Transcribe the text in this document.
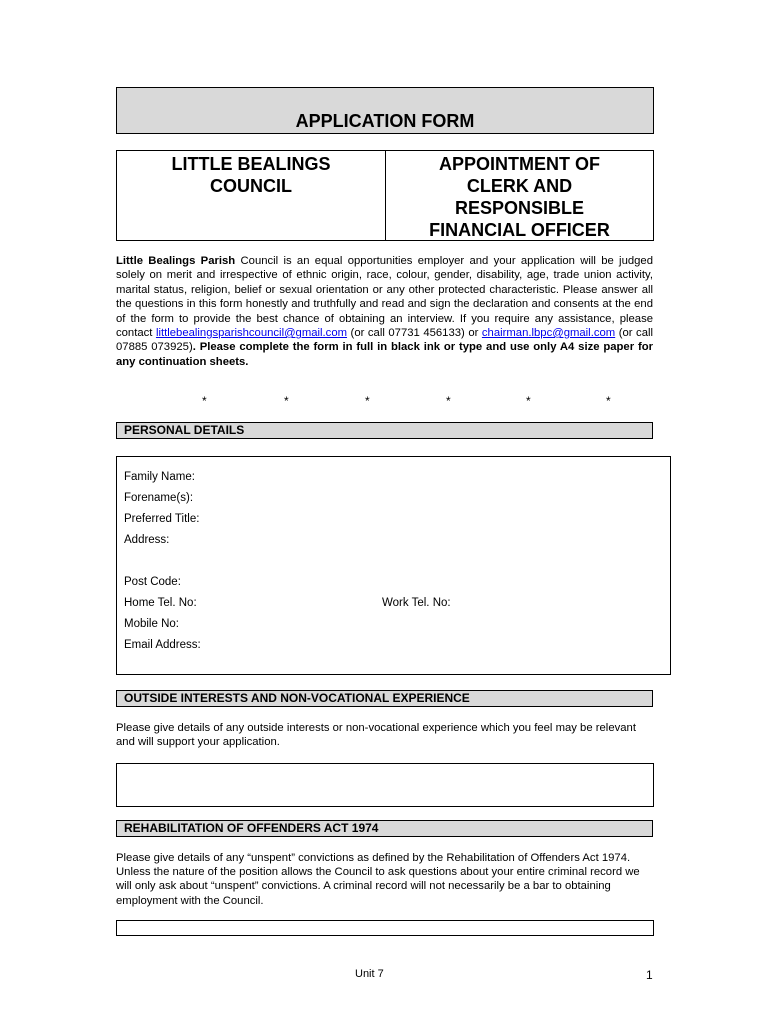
APPLICATION FORM
LITTLE BEALINGS
COUNCIL
APPOINTMENT OF
CLERK AND
RESPONSIBLE
FINANCIAL OFFICER
Little Bealings Parish Council is an equal opportunities employer and your application will be judged solely on merit and irrespective of ethnic origin, race, colour, gender, disability, age, trade union activity, marital status, religion, belief or sexual orientation or any other protected characteristic. Please answer all the questions in this form honestly and truthfully and read and sign the declaration and consents at the end of the form to provide the best chance of obtaining an interview. If you require any assistance, please contact littlebealingsparishcouncil@gmail.com (or call 07731 456133) or chairman.lbpc@gmail.com (or call 07885 073925). Please complete the form in full in black ink or type and use only A4 size paper for any continuation sheets.
*	*	*	*	*	*
PERSONAL DETAILS
Family Name:
Forename(s):
Preferred Title:
Address:
Post Code:
Home Tel. No:	Work Tel. No:
Mobile No:
Email Address:
OUTSIDE INTERESTS AND NON-VOCATIONAL EXPERIENCE
Please give details of any outside interests or non-vocational experience which you feel may be relevant and will support your application.
REHABILITATION OF OFFENDERS ACT 1974
Please give details of any “unspent” convictions as defined by the Rehabilitation of Offenders Act 1974. Unless the nature of the position allows the Council to ask questions about your entire criminal record we will only ask about “unspent” convictions. A criminal record will not necessarily be a bar to obtaining employment with the Council.
Unit 7	1
